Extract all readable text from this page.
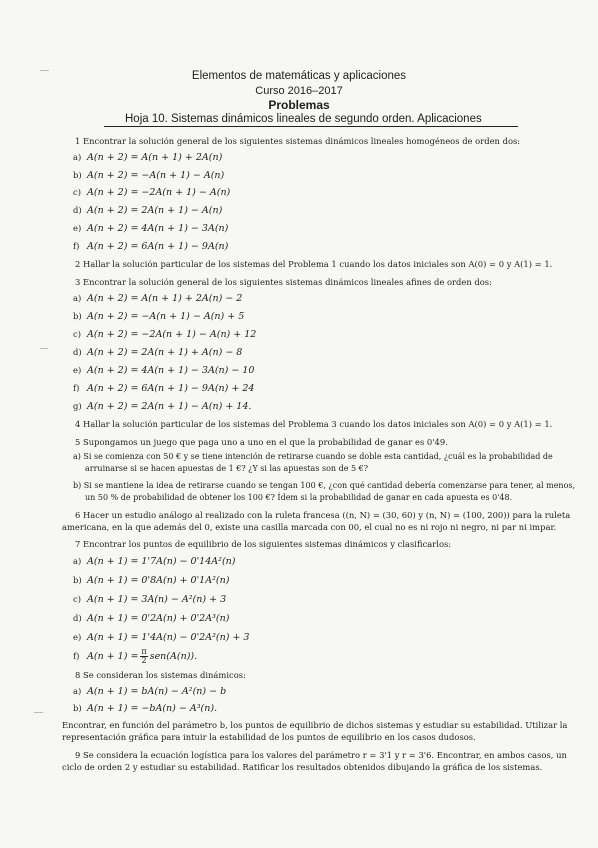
Elementos de matemáticas y aplicaciones
Curso 2016–2017
Problemas
Hoja 10. Sistemas dinámicos lineales de segundo orden. Aplicaciones
1 Encontrar la solución general de los siguientes sistemas dinámicos lineales homogéneos de orden dos:
a) A(n + 2) = A(n + 1) + 2A(n)
b) A(n + 2) = −A(n + 1) − A(n)
c) A(n + 2) = −2A(n + 1) − A(n)
d) A(n + 2) = 2A(n + 1) − A(n)
e) A(n + 2) = 4A(n + 1) − 3A(n)
f) A(n + 2) = 6A(n + 1) − 9A(n)
2 Hallar la solución particular de los sistemas del Problema 1 cuando los datos iniciales son A(0) = 0 y A(1) = 1.
3 Encontrar la solución general de los siguientes sistemas dinámicos lineales afines de orden dos:
a) A(n + 2) = A(n + 1) + 2A(n) − 2
b) A(n + 2) = −A(n + 1) − A(n) + 5
c) A(n + 2) = −2A(n + 1) − A(n) + 12
d) A(n + 2) = 2A(n + 1) + A(n) − 8
e) A(n + 2) = 4A(n + 1) − 3A(n) − 10
f) A(n + 2) = 6A(n + 1) − 9A(n) + 24
g) A(n + 2) = 2A(n + 1) − A(n) + 14.
4 Hallar la solución particular de los sistemas del Problema 3 cuando los datos iniciales son A(0) = 0 y A(1) = 1.
5 Supongamos un juego que paga uno a uno en el que la probabilidad de ganar es 0'49.
a) Si se comienza con 50 € y se tiene intención de retirarse cuando se doble esta cantidad, ¿cuál es la probabilidad de
arruinarse si se hacen apuestas de 1 €? ¿Y si las apuestas son de 5 €?
b) Si se mantiene la idea de retirarse cuando se tengan 100 €, ¿con qué cantidad debería comenzarse para tener, al menos,
un 50 % de probabilidad de obtener los 100 €? Ídem si la probabilidad de ganar en cada apuesta es 0'48.
6 Hacer un estudio análogo al realizado con la ruleta francesa ((n, N) = (30, 60) y (n, N) = (100, 200)) para la ruleta
americana, en la que además del 0, existe una casilla marcada con 00, el cual no es ni rojo ni negro, ni par ni impar.
7 Encontrar los puntos de equilibrio de los siguientes sistemas dinámicos y clasificarlos:
a) A(n + 1) = 1'7A(n) − 0'14A²(n)
b) A(n + 1) = 0'8A(n) + 0'1A²(n)
c) A(n + 1) = 3A(n) − A²(n) + 3
d) A(n + 1) = 0'2A(n) + 0'2A³(n)
e) A(n + 1) = 1'4A(n) − 0'2A²(n) + 3
f) $A(n + 1) = \frac{\pi}{2} sen(A(n))$.
8 Se consideran los sistemas dinámicos:
a) A(n + 1) = bA(n) − A²(n) − b
b) A(n + 1) = −bA(n) − A³(n).
Encontrar, en función del parámetro b, los puntos de equilibrio de dichos sistemas y estudiar su estabilidad. Utilizar la
representación gráfica para intuir la estabilidad de los puntos de equilibrio en los casos dudosos.
9 Se considera la ecuación logística para los valores del parámetro r = 3'1 y r = 3'6. Encontrar, en ambos casos, un
ciclo de orden 2 y estudiar su estabilidad. Ratificar los resultados obtenidos dibujando la gráfica de los sistemas.
